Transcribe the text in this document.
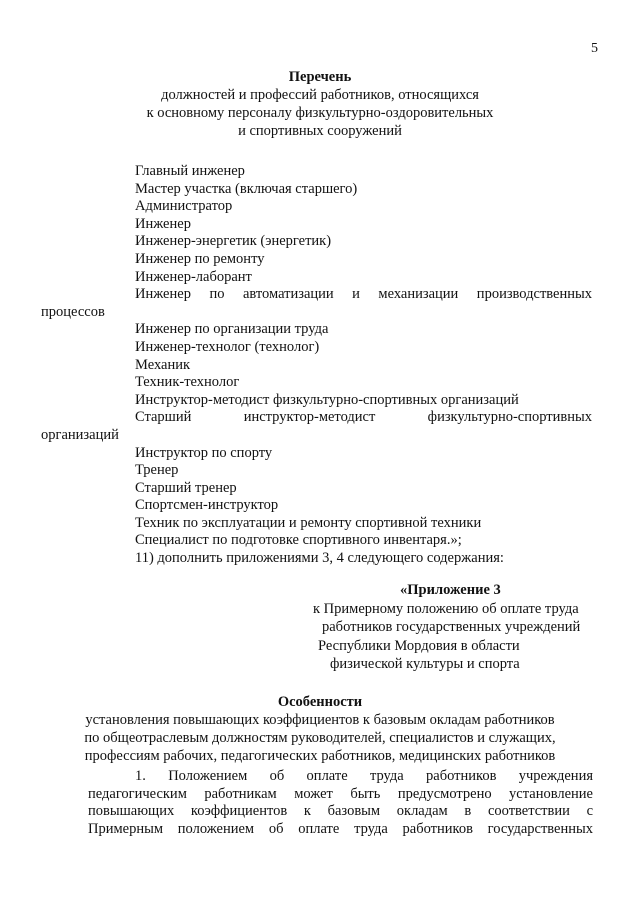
5
Перечень
должностей и профессий работников, относящихся
к основному персоналу физкультурно-оздоровительных
и спортивных сооружений
Главный инженер
Мастер участка (включая старшего)
Администратор
Инженер
Инженер-энергетик (энергетик)
Инженер по ремонту
Инженер-лаборант
Инженер по автоматизации и механизации производственных
процессов
Инженер по организации труда
Инженер-технолог (технолог)
Механик
Техник-технолог
Инструктор-методист физкультурно-спортивных организаций
Старший инструктор-методист физкультурно-спортивных
организаций
Инструктор по спорту
Тренер
Старший тренер
Спортсмен-инструктор
Техник по эксплуатации и ремонту спортивной техники
Специалист по подготовке спортивного инвентаря.»;
11) дополнить приложениями 3, 4 следующего содержания:
«Приложение 3
к Примерному положению об оплате труда
работников государственных учреждений
Республики Мордовия в области
физической культуры и спорта
Особенности
установления повышающих коэффициентов к базовым окладам работников
по общеотраслевым должностям руководителей, специалистов и служащих,
профессиям рабочих, педагогических работников, медицинских работников
1. Положением об оплате труда работников учреждения
педагогическим работникам может быть предусмотрено установление
повышающих коэффициентов к базовым окладам в соответствии с
Примерным положением об оплате труда работников государственных
